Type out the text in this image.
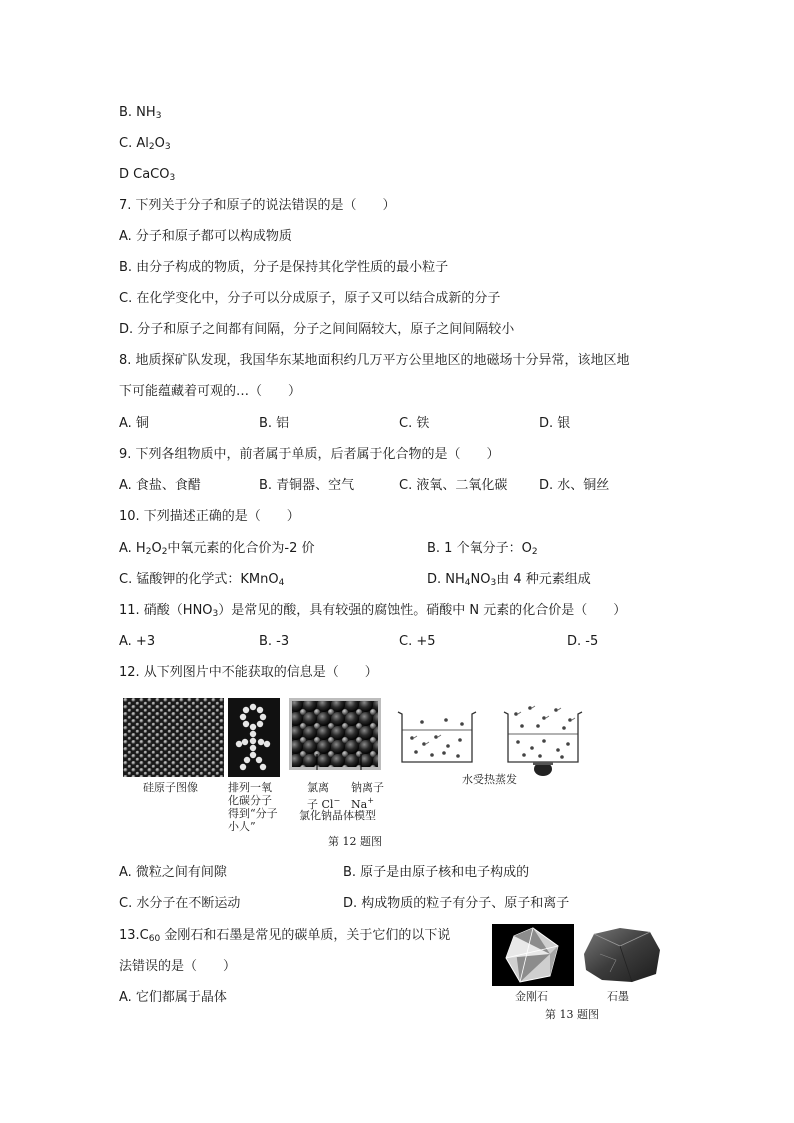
B. $NH_3$
C. $Al_2O_3$
D CaCO$_3$
7. 下列关于分子和原子的说法错误的是（　　）
A. 分子和原子都可以构成物质
B. 由分子构成的物质，分子是保持其化学性质的最小粒子
C. 在化学变化中，分子可以分成原子，原子又可以结合成新的分子
D. 分子和原子之间都有间隔，分子之间间隔较大，原子之间间隔较小
8. 地质探矿队发现，我国华东某地面积约几万平方公里地区的地磁场十分异常，该地区地
下可能蕴藏着可观的…（　　）
A. 铜	B. 铝	C. 铁	D. 银
9. 下列各组物质中，前者属于单质，后者属于化合物的是（　　）
A. 食盐、食醋	B. 青铜器、空气	C. 液氧、二氧化碳 D. 水、铜丝
10. 下列描述正确的是（　　）
A. $H_2O_2$中氧元素的化合价为-2 价	B. 1 个氧分子：$O_2$
C. 锰酸钾的化学式：KMnO$_4$	D. $NH_4NO_3$由 4 种元素组成
11. 硝酸$(HNO_3)$是常见的酸，具有较强的腐蚀性。硝酸中 N 元素的化合价是（　　）
A. +3	B. -3	C. +5	D. -5
12. 从下列图片中不能获取的信息是（　　）
硅原子图像	排列一氧
化碳分子
得到“分子
小人”
氯离
子 Cl−
钠离子
Na+
氯化钠晶体模型
水受热蒸发
第 12 题图
A. 微粒之间有间隙	B. 原子是由原子核和电子构成的
C. 水分子在不断运动	D. 构成物质的粒子有分子、原子和离子
$13.C_{60}$ 金刚石和石墨是常见的碳单质，关于它们的以下说
法错误的是（　　）
A. 它们都属于晶体	金刚石	石墨
第 13 题图
